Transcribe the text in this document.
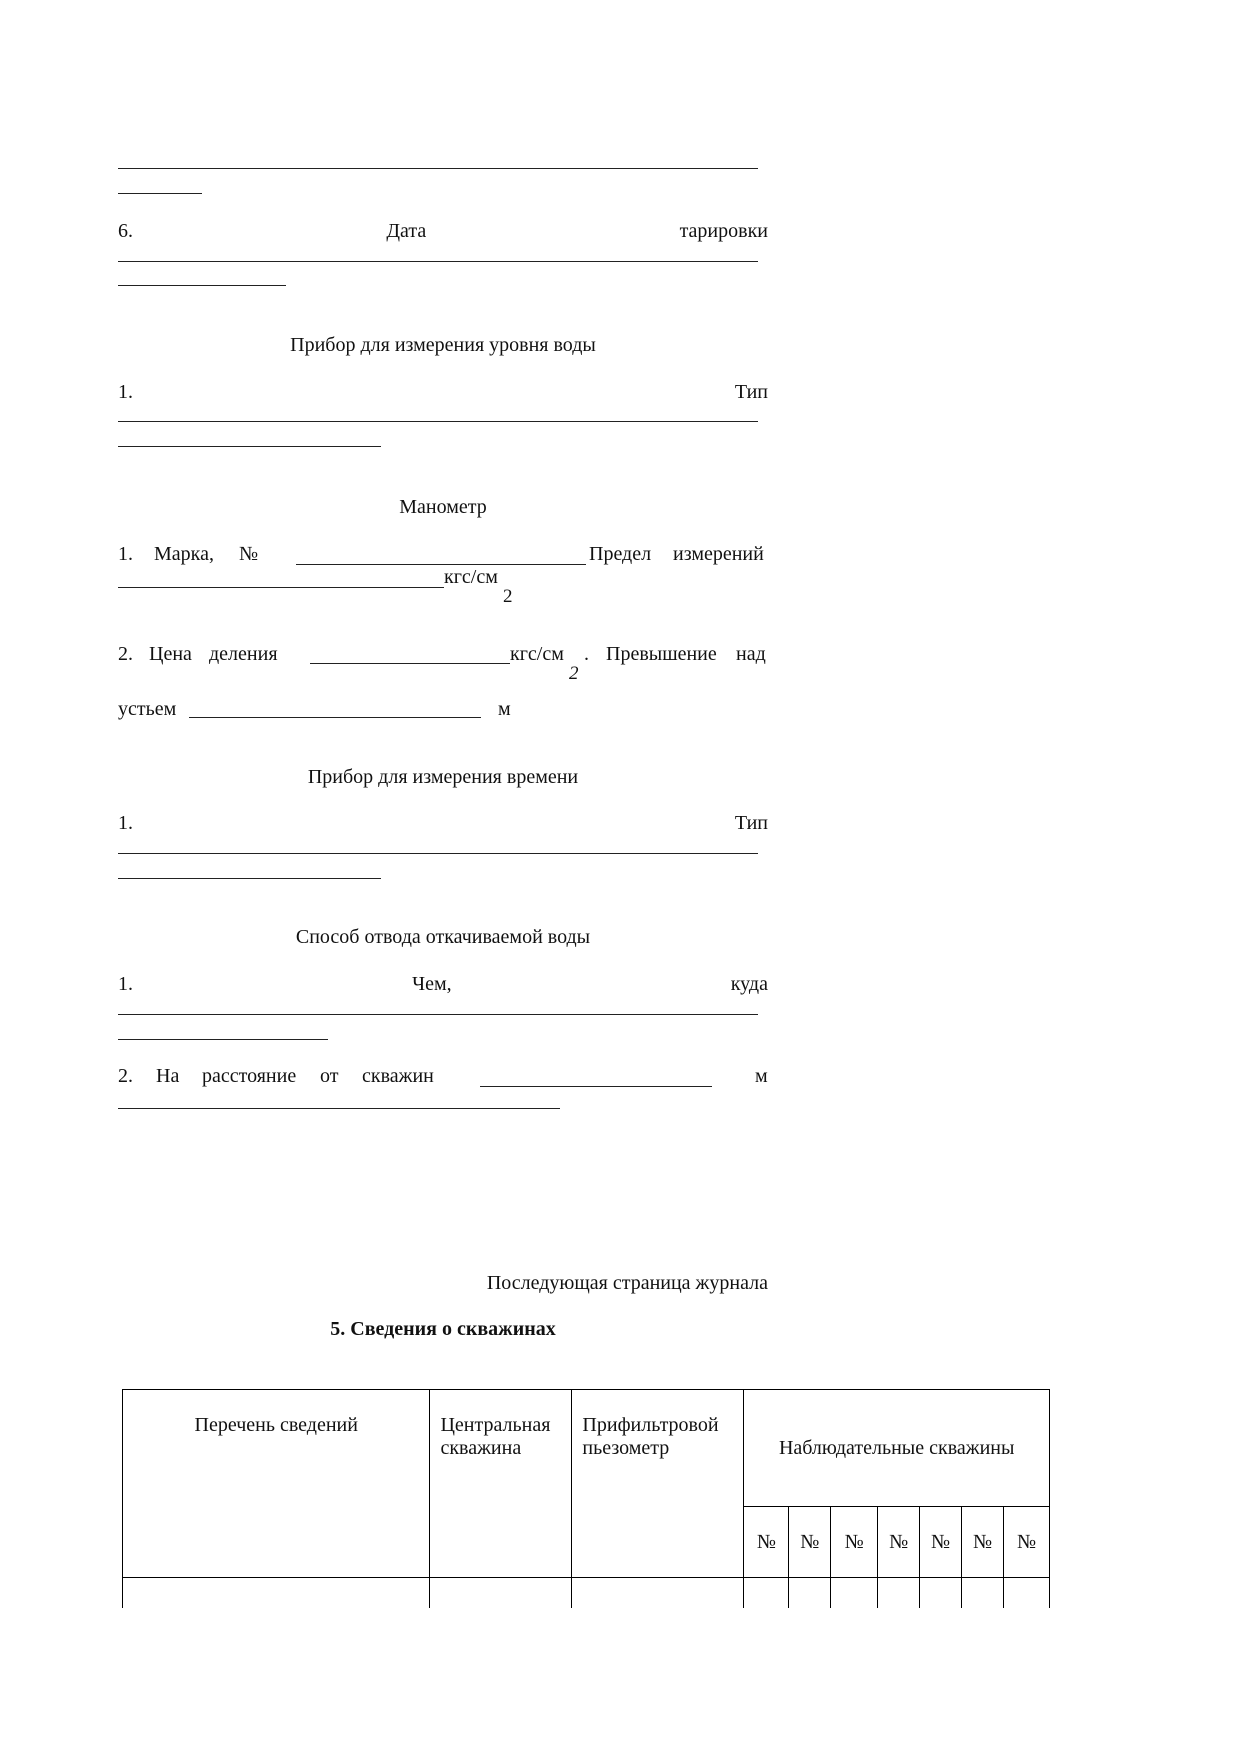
6.	Дата	тарировки
Прибор для измерения уровня воды
1.	Тип
Манометр
1. Марка, №	Предел измерений
кгс/см
2
2. Цена деления	кгс/см
2
. Превышение над
устьем	м
Прибор для измерения времени
1.	Тип
Способ отвода откачиваемой воды
1.	Чем,	куда
2. На расстояние от скважин	м
Последующая страница журнала
5. Сведения о скважинах
Перечень сведений	Центральная скважина	Прифильтровой пьезометр	Наблюдательные скважины						

			№	№	№	№	№	№	№
